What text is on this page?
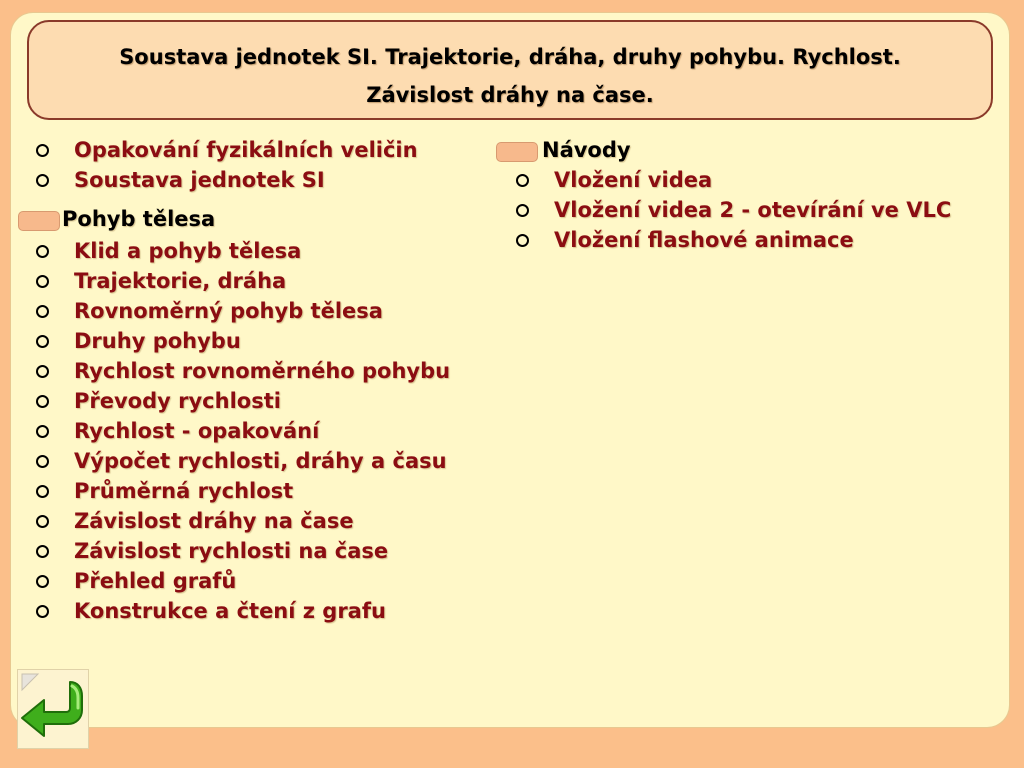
Soustava jednotek SI. Trajektorie, dráha, druhy pohybu. Rychlost.
Závislost dráhy na čase.
Opakování fyzikálních veličin
Soustava jednotek SI
Pohyb tělesa
Klid a pohyb tělesa
Trajektorie, dráha
Rovnoměrný pohyb tělesa
Druhy pohybu
Rychlost rovnoměrného pohybu
Převody rychlosti
Rychlost - opakování
Výpočet rychlosti, dráhy a času
Průměrná rychlost
Závislost dráhy na čase
Závislost rychlosti na čase
Přehled grafů
Konstrukce a čtení z grafu
Návody
Vložení videa
Vložení videa 2 - otevírání ve VLC
Vložení flashové animace
